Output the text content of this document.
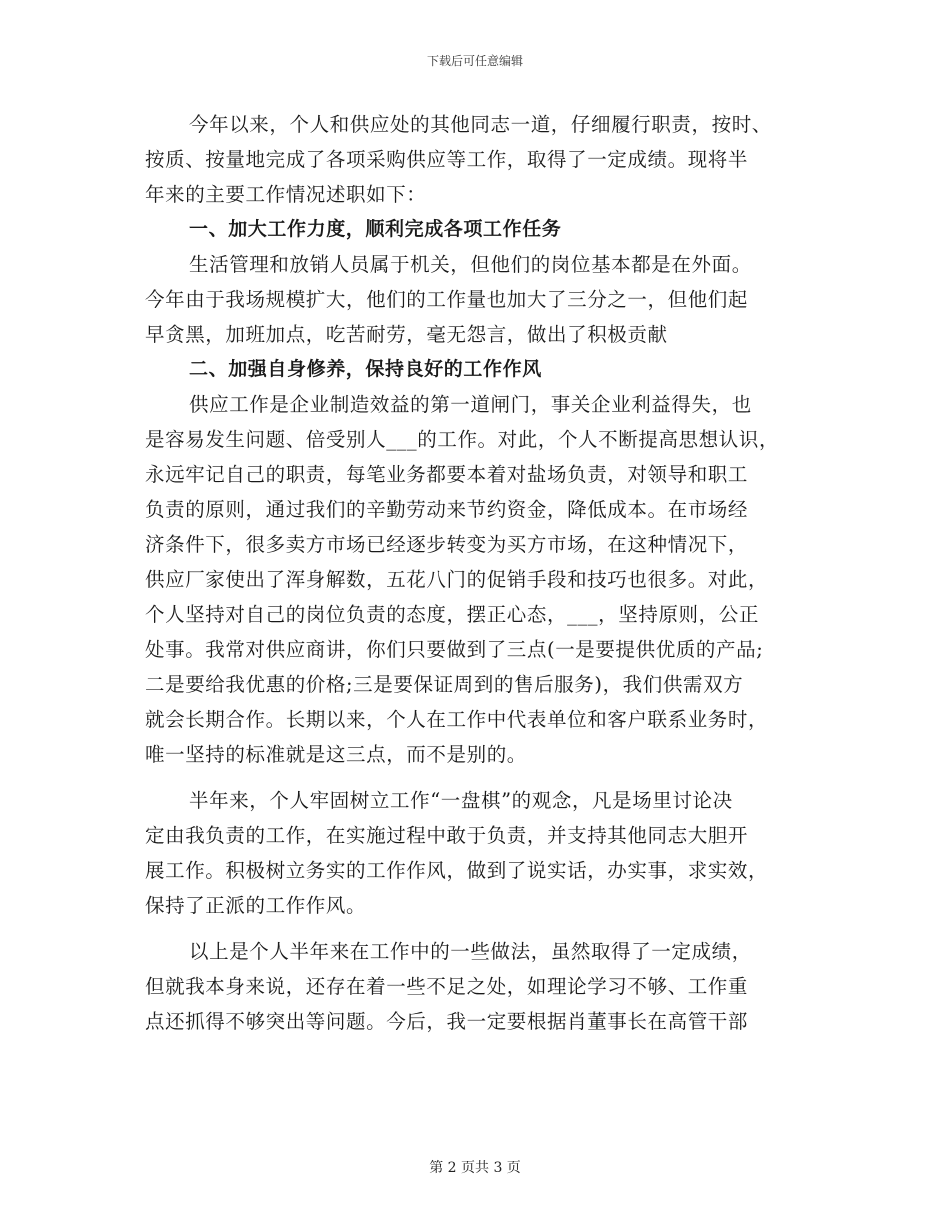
下载后可任意编辑
今年以来，个人和供应处的其他同志一道，仔细履行职责，按时、
按质、按量地完成了各项采购供应等工作，取得了一定成绩。现将半
年来的主要工作情况述职如下：
一、加大工作力度，顺利完成各项工作任务
生活管理和放销人员属于机关，但他们的岗位基本都是在外面。
今年由于我场规模扩大，他们的工作量也加大了三分之一，但他们起
早贪黑，加班加点，吃苦耐劳，毫无怨言，做出了积极贡献
二、加强自身修养，保持良好的工作作风
供应工作是企业制造效益的第一道闸门，事关企业利益得失，也
是容易发生问题、倍受别人___的工作。对此，个人不断提高思想认识，
永远牢记自己的职责，每笔业务都要本着对盐场负责，对领导和职工
负责的原则，通过我们的辛勤劳动来节约资金，降低成本。在市场经
济条件下，很多卖方市场已经逐步转变为买方市场，在这种情况下，
供应厂家使出了浑身解数，五花八门的促销手段和技巧也很多。对此，
个人坚持对自己的岗位负责的态度，摆正心态，___，坚持原则，公正
处事。我常对供应商讲，你们只要做到了三点(一是要提供优质的产品;
二是要给我优惠的价格;三是要保证周到的售后服务)，我们供需双方
就会长期合作。长期以来，个人在工作中代表单位和客户联系业务时，
唯一坚持的标准就是这三点，而不是别的。
半年来，个人牢固树立工作“一盘棋”的观念，凡是场里讨论决
定由我负责的工作，在实施过程中敢于负责，并支持其他同志大胆开
展工作。积极树立务实的工作作风，做到了说实话，办实事，求实效，
保持了正派的工作作风。
以上是个人半年来在工作中的一些做法，虽然取得了一定成绩，
但就我本身来说，还存在着一些不足之处，如理论学习不够、工作重
点还抓得不够突出等问题。今后，我一定要根据肖董事长在高管干部
第 2 页共 3 页
